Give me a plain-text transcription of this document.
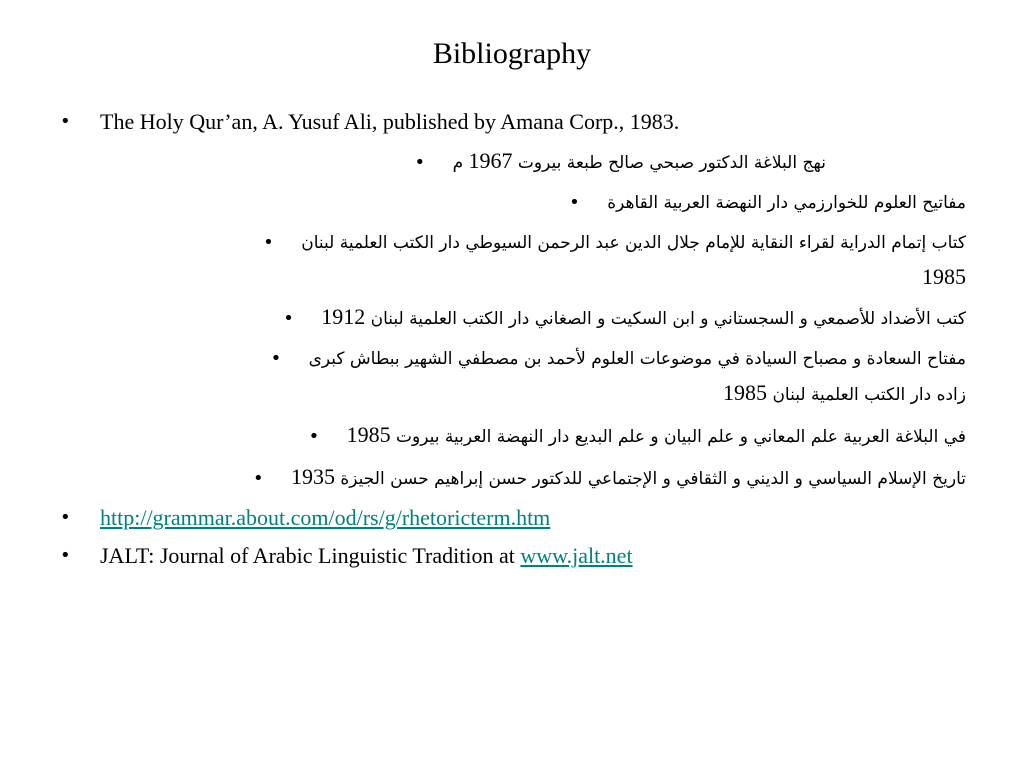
Bibliography
• The Holy Qur’an, A. Yusuf Ali, published by Amana Corp., 1983.
نهج البلاغة الدكتور صبحي صالح طبعة بيروت 1967 م •
مفاتيح العلوم للخوارزمي دار النهضة العربية القاهرة •
كتاب إتمام الدراية لقراء النقاية للإمام جلال الدين عبد الرحمن السيوطي دار الكتب العلمية لبنان •
1985
كتب الأضداد للأصمعي و السجستاني و ابن السكيت و الصغاني دار الكتب العلمية لبنان 1912 •
مفتاح السعادة و مصباح السيادة في موضوعات العلوم لأحمد بن مصطفي الشهير ببطاش كبرى •
زاده دار الكتب العلمية لبنان 1985
في البلاغة العربية علم المعاني و علم البيان و علم البديع دار النهضة العربية بيروت 1985 •
تاريخ الإسلام السياسي و الديني و الثقافي و الإجتماعي للدكتور حسن إبراهيم حسن الجيزة 1935 •
• http://grammar.about.com/od/rs/g/rhetoricterm.htm
• JALT: Journal of Arabic Linguistic Tradition at www.jalt.net
